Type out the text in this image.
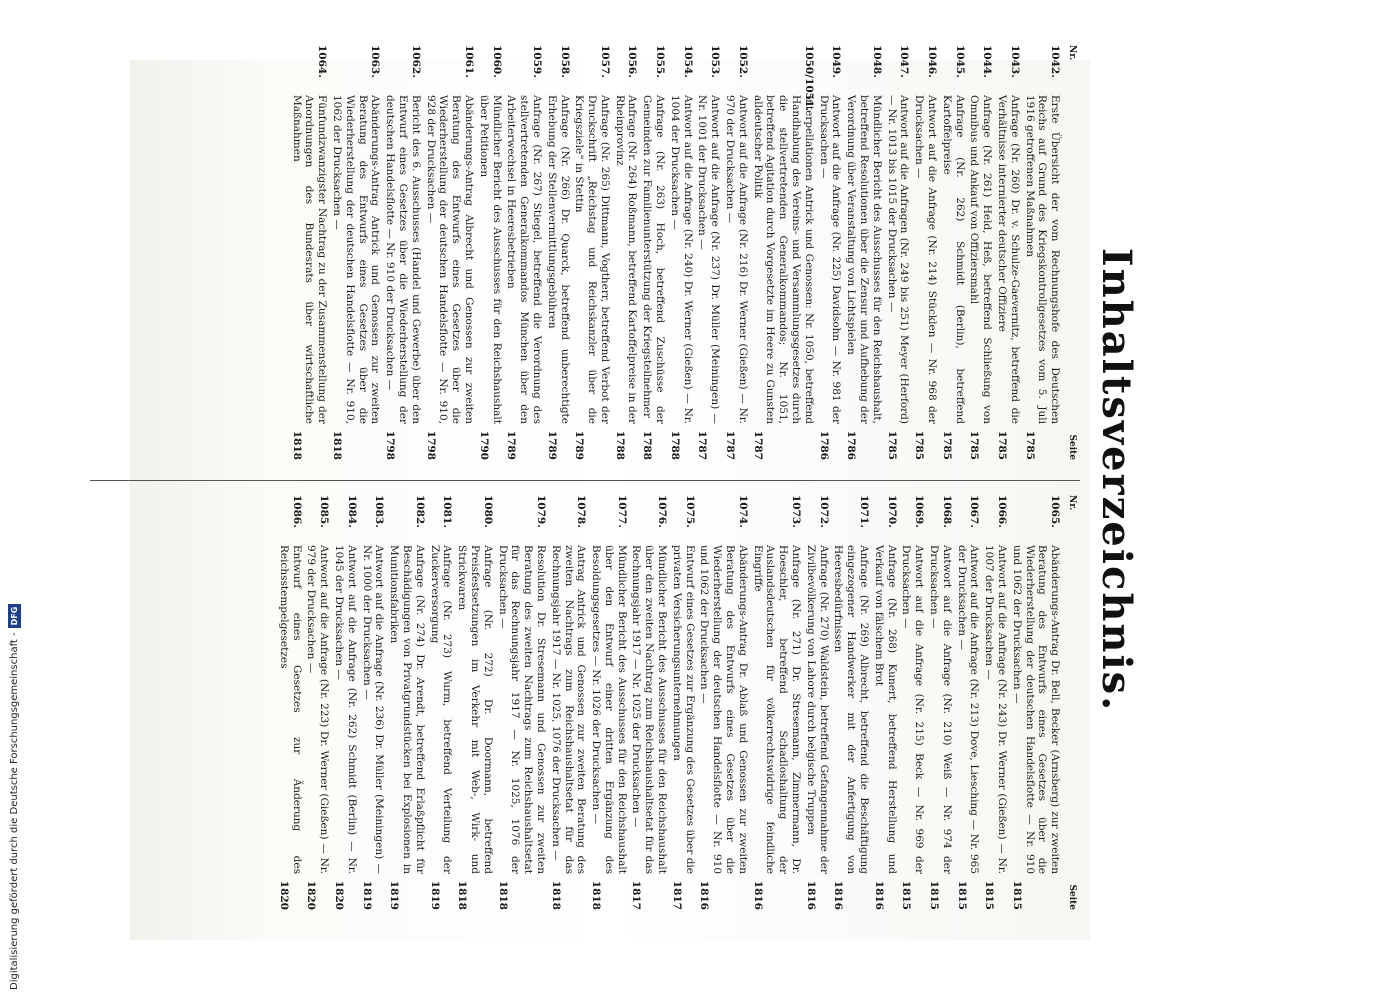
Inhaltsverzeichnis.
Nr.
Seite
1042.
Erste Übersicht der vom Rechnungshofe des Deutschen Reichs auf Grund des Kriegskontrollgesetzes vom 5. Juli 1916 getroffenen Maßnahmen
1785
1043.
Anfrage (Nr. 260) Dr. v. Schulze-Gaevernitz, betreffend die Verhältnisse internierter deutscher Offiziere
1785
1044.
Anfrage (Nr. 261) Held, Heß, betreffend Schließung von Omnibus und Ankauf von Offiziersmahl
1785
1045.
Anfrage (Nr. 262) Schmidt (Berlin), betreffend Kartoffelpreise
1785
1046.
Antwort auf die Anfrage (Nr. 214) Stücklen — Nr. 968 der Drucksachen —
1785
1047.
Antwort auf die Anfragen (Nr. 249 bis 251) Meyer (Herford) — Nr. 1013 bis 1015 der Drucksachen —
1785
1048.
Mündlicher Bericht des Ausschusses für den Reichshaushalt, betreffend Resolutionen über die Zensur und Aufhebung der Verordnung über Veranstaltung von Lichtspielen
1786
1049.
Antwort auf die Anfrage (Nr. 225) Davidsohn — Nr. 981 der Drucksachen —
1786
1050/1051.
Interpellationen Antrick und Genossen: Nr. 1050, betreffend Handhabung des Vereins- und Versammlungsgesetzes durch die stellvertretenden Generalkommandos; Nr. 1051, betreffend Agitation durch Vorgesetzte im Heere zu Gunsten alldeutscher Politik
1787
1052.
Antwort auf die Anfrage (Nr. 216) Dr. Werner (Gießen) — Nr. 970 der Drucksachen —
1787
1053.
Antwort auf die Anfrage (Nr. 237) Dr. Müller (Meiningen) — Nr. 1001 der Drucksachen —
1787
1054.
Antwort auf die Anfrage (Nr. 240) Dr. Werner (Gießen) — Nr. 1004 der Drucksachen —
1788
1055.
Anfrage (Nr. 263) Hoch, betreffend Zuschüsse der Gemeinden zur Familienunterstützung der Kriegsteilnehmer
1788
1056.
Anfrage (Nr. 264) Roßmann, betreffend Kartoffelpreise in der Rheinprovinz
1788
1057.
Anfrage (Nr. 265) Dittmann, Vogtherr, betreffend Verbot der Druckschrift „Reichstag und Reichskanzler über die Kriegsziele“ in Stettin
1789
1058.
Anfrage (Nr. 266) Dr. Quarck, betreffend unberechtigte Erhebung der Stellenvermittlungsgebühren
1789
1059.
Anfrage (Nr. 267) Stiegel, betreffend die Verordnung des stellvertretenden Generalkommandos München über den Arbeiterwechsel in Heeresbetrieben
1789
1060.
Mündlicher Bericht des Ausschusses für den Reichshaushalt über Petitionen
1790
1061.
Abänderungs-Antrag Albrecht und Genossen zur zweiten Beratung des Entwurfs eines Gesetzes über die Wiederherstellung der deutschen Handelsflotte — Nr. 910, 928 der Drucksachen —
1798
1062.
Bericht des 6. Ausschusses (Handel und Gewerbe) über den Entwurf eines Gesetzes über die Wiederherstellung der deutschen Handelsflotte — Nr. 910 der Drucksachen —
1798
1063.
Abänderungs-Antrag Antrick und Genossen zur zweiten Beratung des Entwurfs eines Gesetzes über die Wiederherstellung der deutschen Handelsflotte — Nr. 910, 1062 der Drucksachen —
1818
1064.
Fünfundzwanzigster Nachtrag zu der Zusammenstellung der Anordnungen des Bundesrats über wirtschaftliche Maßnahmen
1818
Nr.
Seite
1065.
Abänderungs-Antrag Dr. Bell, Becker (Arnsberg) zur zweiten Beratung des Entwurfs eines Gesetzes über die Wiederherstellung der deutschen Handelsflotte — Nr. 910 und 1062 der Drucksachen —
1815
1066.
Antwort auf die Anfrage (Nr. 243) Dr. Werner (Gießen) — Nr. 1007 der Drucksachen —
1815
1067.
Antwort auf die Anfrage (Nr. 213) Dove, Liesching — Nr. 965 der Drucksachen —
1815
1068.
Antwort auf die Anfrage (Nr. 210) Weiß — Nr. 974 der Drucksachen —
1815
1069.
Antwort auf die Anfrage (Nr. 215) Beck — Nr. 969 der Drucksachen —
1815
1070.
Anfrage (Nr. 268) Kunert, betreffend Herstellung und Verkauf von fälschem Brot
1816
1071.
Anfrage (Nr. 269) Albrecht, betreffend die Beschäftigung eingezogener Handwerker mit der Anfertigung von Heeresbedürfnissen
1816
1072.
Anfrage (Nr. 270) Waldstein, betreffend Gefangennahme der Zivilbevölkerung von Lahore durch belgische Truppen
1816
1073.
Anfrage (Nr. 271) Dr. Stresemann, Zimmermann, Dr. Hoeschler, betreffend Schadloshaltung der Auslandsdeutschen für völkerrechtswidrige feindliche Eingriffe
1816
1074.
Abänderungs-Antrag Dr. Ablaß und Genossen zur zweiten Beratung des Entwurfs eines Gesetzes über die Wiederherstellung der deutschen Handelsflotte — Nr. 910 und 1062 der Drucksachen —
1816
1075.
Entwurf eines Gesetzes zur Ergänzung des Gesetzes über die privaten Versicherungsunternehmungen
1817
1076.
Mündlicher Bericht des Ausschusses für den Reichshaushalt über den zweiten Nachtrag zum Reichshaushaltsetat für das Rechnungsjahr 1917 — Nr. 1025 der Drucksachen —
1817
1077.
Mündlicher Bericht des Ausschusses für den Reichshaushalt über den Entwurf einer dritten Ergänzung des Besoldungsgesetzes — Nr. 1026 der Drucksachen —
1818
1078.
Antrag Antrick und Genossen zur zweiten Beratung des zweiten Nachtrags zum Reichshaushaltsetat für das Rechnungsjahr 1917 — Nr. 1025, 1076 der Drucksachen —
1818
1079.
Resolution Dr. Stresemann und Genossen zur zweiten Beratung des zweiten Nachtrags zum Reichshaushaltsetat für das Rechnungsjahr 1917 — Nr. 1025, 1076 der Drucksachen —
1818
1080.
Anfrage (Nr. 272) Dr. Doormann, betreffend Preisfestsetzungen im Verkehr mit Web-, Wirk- und Strickwaren
1818
1081.
Anfrage (Nr. 273) Wurm, betreffend Verteilung der Zuckerversorgung
1819
1082.
Anfrage (Nr. 274) Dr. Arendt, betreffend Erlaßpflicht für Beschädigungen von Privatgrundstücken bei Explosionen in Munitionsfabriken
1819
1083.
Antwort auf die Anfrage (Nr. 236) Dr. Müller (Meiningen) — Nr. 1000 der Drucksachen —
1819
1084.
Antwort auf die Anfrage (Nr. 262) Schmidt (Berlin) — Nr. 1045 der Drucksachen —
1820
1085.
Antwort auf die Anfrage (Nr. 223) Dr. Werner (Gießen) — Nr. 979 der Drucksachen —
1820
1086.
Entwurf eines Gesetzes zur Änderung des Reichsstempelgesetzes
1820
Digitalisierung gefördert durch die Deutsche Forschungsgemeinschaft -
DFG
